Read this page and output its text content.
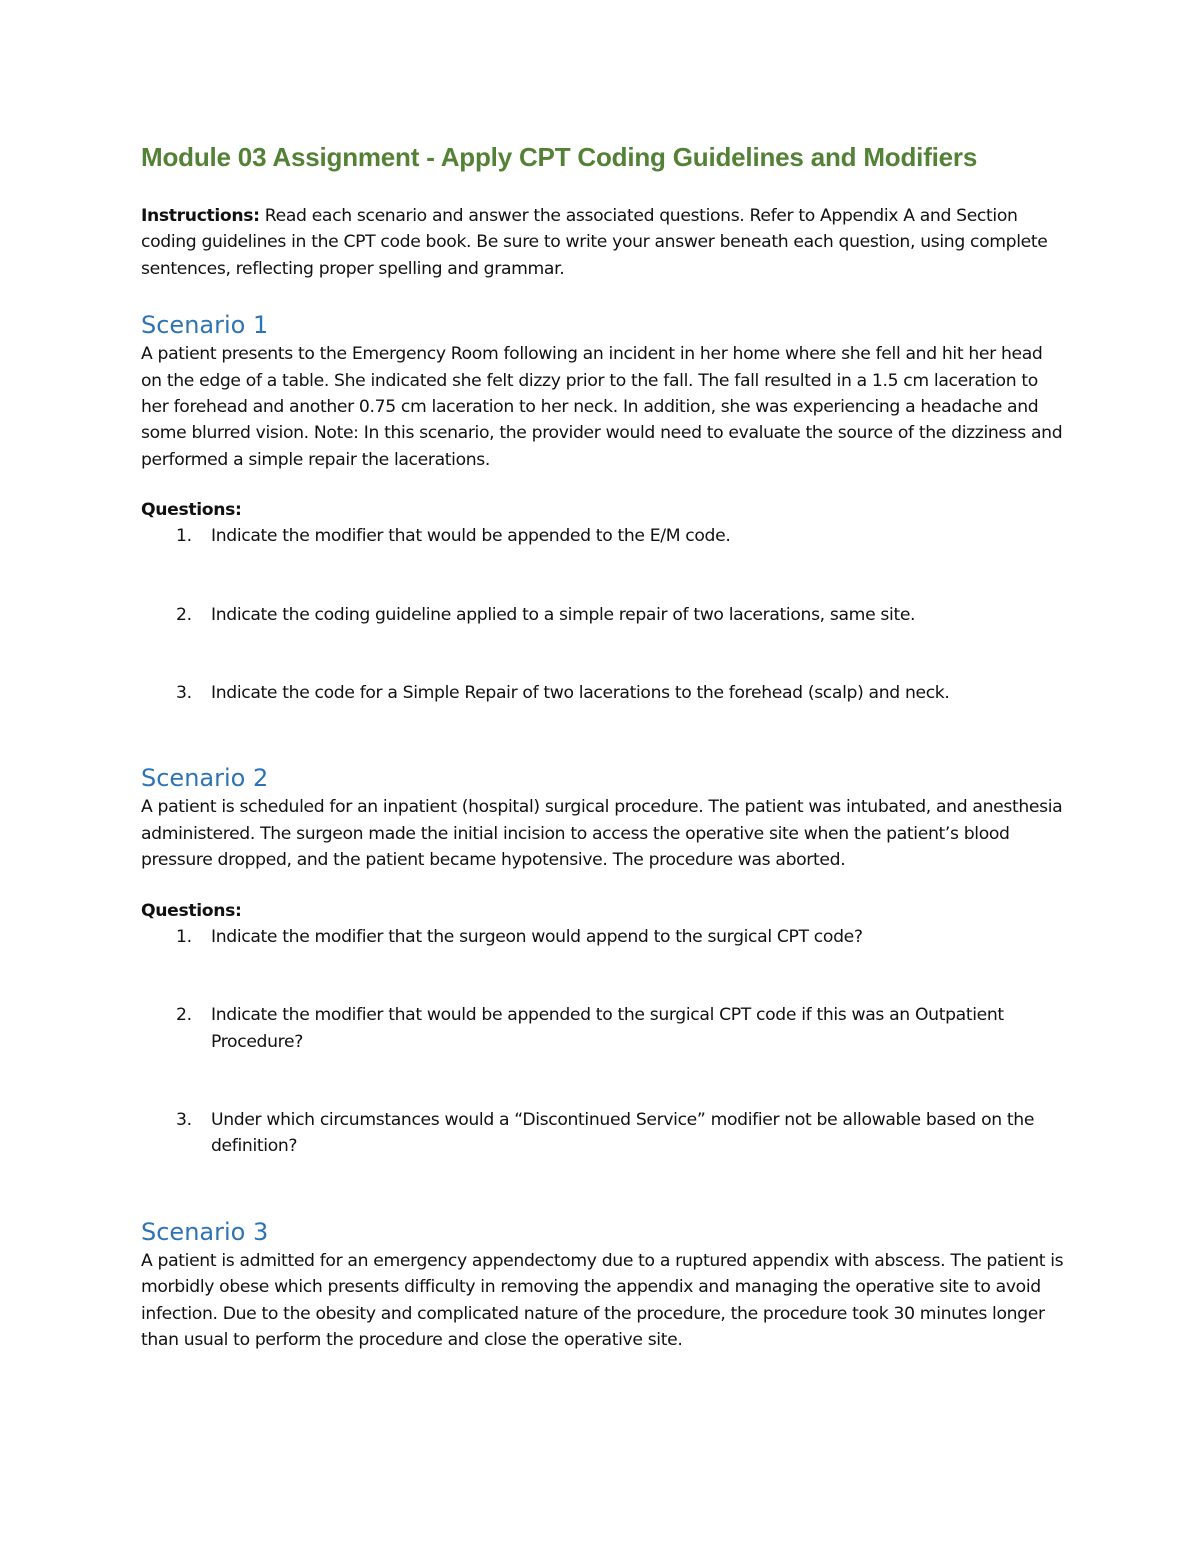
Module 03 Assignment - Apply CPT Coding Guidelines and Modifiers

Instructions: Read each scenario and answer the associated questions. Refer to Appendix A and Section coding guidelines in the CPT code book. Be sure to write your answer beneath each question, using complete sentences, reflecting proper spelling and grammar.

Scenario 1

A patient presents to the Emergency Room following an incident in her home where she fell and hit her head on the edge of a table. She indicated she felt dizzy prior to the fall. The fall resulted in a 1.5 cm laceration to her forehead and another 0.75 cm laceration to her neck. In addition, she was experiencing a headache and some blurred vision. Note: In this scenario, the provider would need to evaluate the source of the dizziness and performed a simple repair the lacerations.

Questions:
1.	Indicate the modifier that would be appended to the E/M code.
2.	Indicate the coding guideline applied to a simple repair of two lacerations, same site.
3.	Indicate the code for a Simple Repair of two lacerations to the forehead (scalp) and neck.
Scenario 2

A patient is scheduled for an inpatient (hospital) surgical procedure. The patient was intubated, and anesthesia administered. The surgeon made the initial incision to access the operative site when the patient’s blood pressure dropped, and the patient became hypotensive. The procedure was aborted.

Questions:
1.	Indicate the modifier that the surgeon would append to the surgical CPT code?
2.	Indicate the modifier that would be appended to the surgical CPT code if this was an Outpatient Procedure?
3.	Under which circumstances would a “Discontinued Service” modifier not be allowable based on the definition?
Scenario 3

A patient is admitted for an emergency appendectomy due to a ruptured appendix with abscess. The patient is morbidly obese which presents difficulty in removing the appendix and managing the operative site to avoid infection. Due to the obesity and complicated nature of the procedure, the procedure took 30 minutes longer than usual to perform the procedure and close the operative site.
